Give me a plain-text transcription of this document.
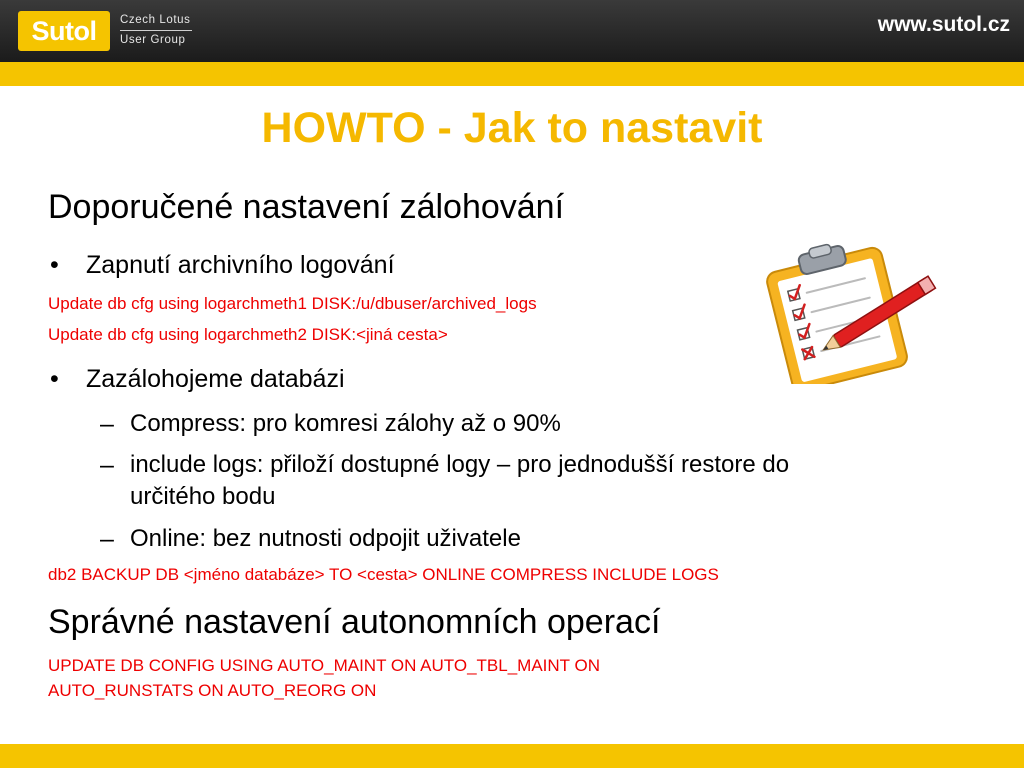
Sutol	Czech Lotus
User Group
www.sutol.cz
HOWTO - Jak to nastavit
Doporučené nastavení zálohování
• Zapnutí archivního logování
Update db cfg using logarchmeth1 DISK:/u/dbuser/archived_logs
Update db cfg using logarchmeth2 DISK:<jiná cesta>
• Zazálohojeme databázi
– Compress: pro komresi zálohy až o 90%
– include logs: přiloží dostupné logy – pro jednodušší restore do
určitého bodu
– Online: bez nutnosti odpojit uživatele
db2 BACKUP DB <jméno databáze> TO <cesta> ONLINE COMPRESS INCLUDE LOGS
Správné nastavení autonomních operací
UPDATE DB CONFIG USING AUTO_MAINT ON AUTO_TBL_MAINT ON
AUTO_RUNSTATS ON AUTO_REORG ON
